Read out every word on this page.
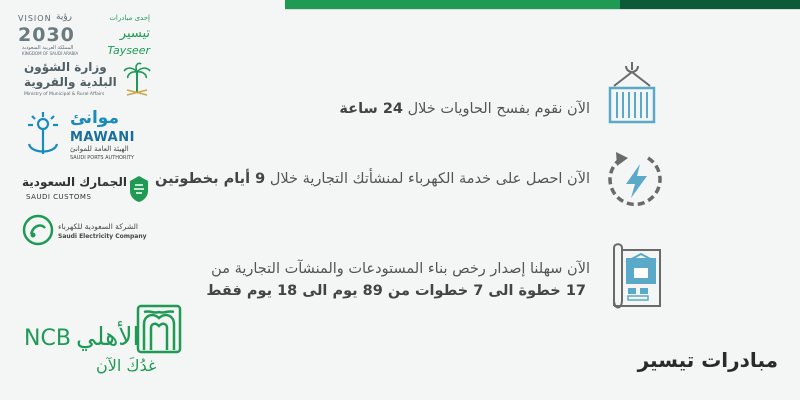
VISION رؤية
2030
المملكة العربية السعودية
KINGDOM OF SAUDI ARABIA
إحدى مبادرات
تيسير
Tayseer
وزارة الشؤون
البلدية والقروية
Ministry of Municipal & Rural Affairs
موانئ
MAWANI
الهيئة العامة للموانئ
SAUDI PORTS AUTHORITY
الجمارك السعودية
SAUDI CUSTOMS
الشركة السعودية للكهرباء
Saudi Electricity Company
NCB الأهلي
غدُكَ الآن
الآن نقوم بفسح الحاويات خلال 24 ساعة
الآن احصل على خدمة الكهرباء لمنشأتك التجارية خلال 9 أيام بخطوتين
الآن سهلنا إصدار رخص بناء المستودعات والمنشآت التجارية من
17 خطوة الى 7 خطوات من 89 يوم الى 18 يوم فقط
مبادرات تيسير
